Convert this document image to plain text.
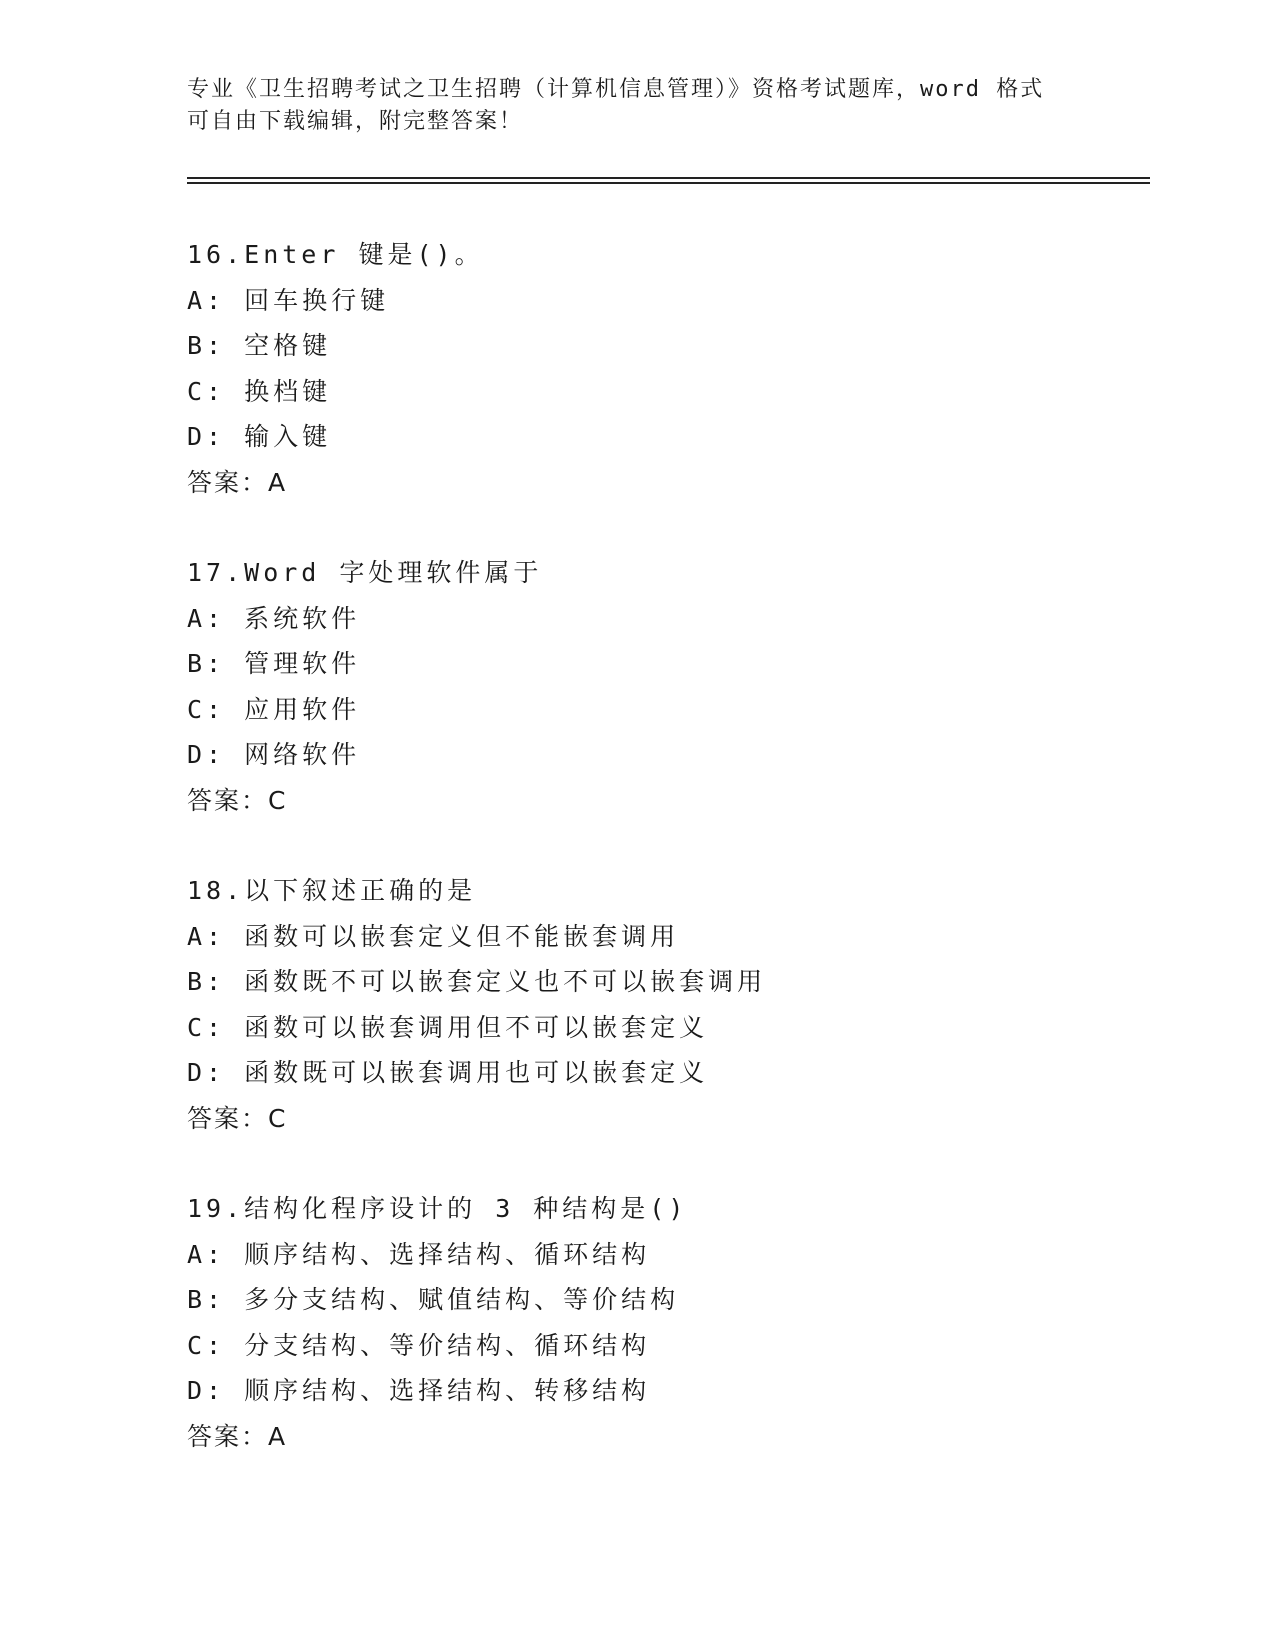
专业《卫生招聘考试之卫生招聘（计算机信息管理）》资格考试题库，word 格式
可自由下载编辑，附完整答案！
16.Enter 键是()。
A: 回车换行键
B: 空格键
C: 换档键
D: 输入键
答案：A
17.Word 字处理软件属于
A: 系统软件
B: 管理软件
C: 应用软件
D: 网络软件
答案：C
18.以下叙述正确的是
A: 函数可以嵌套定义但不能嵌套调用
B: 函数既不可以嵌套定义也不可以嵌套调用
C: 函数可以嵌套调用但不可以嵌套定义
D: 函数既可以嵌套调用也可以嵌套定义
答案：C
19.结构化程序设计的 3 种结构是()
A: 顺序结构、选择结构、循环结构
B: 多分支结构、赋值结构、等价结构
C: 分支结构、等价结构、循环结构
D: 顺序结构、选择结构、转移结构
答案：A
